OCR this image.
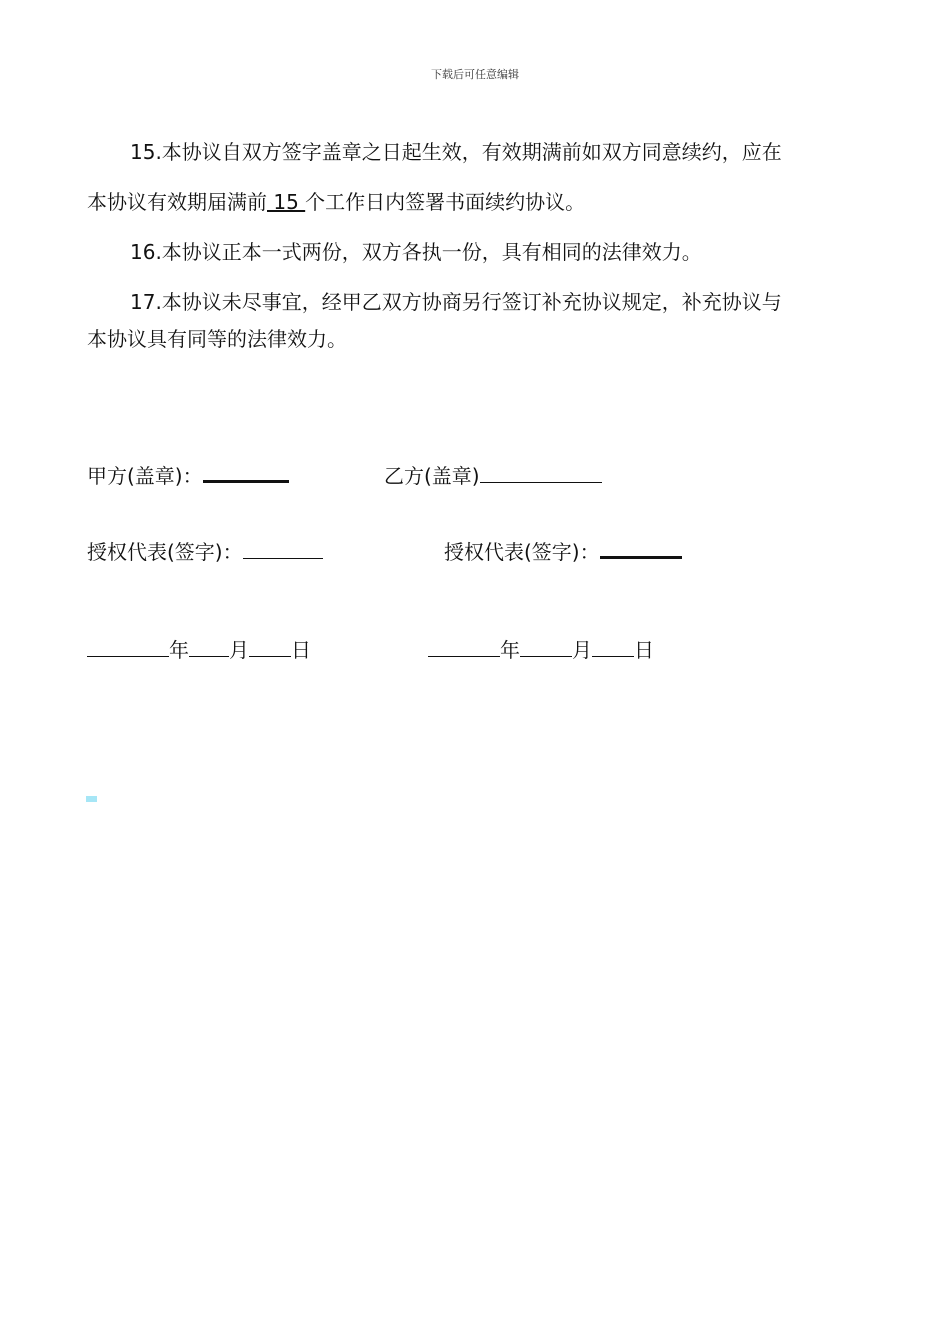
下载后可任意编辑
15.本协议自双方签字盖章之日起生效，有效期满前如双方同意续约，应在
本协议有效期届满前 15 个工作日内签署书面续约协议。
16.本协议正本一式两份，双方各执一份，具有相同的法律效力。
17.本协议未尽事宜，经甲乙双方协商另行签订补充协议规定，补充协议与
本协议具有同等的法律效力。
甲方(盖章)：	乙方(盖章)
授权代表(签字)：	授权代表(签字)：
年 月 日	年	月 日
